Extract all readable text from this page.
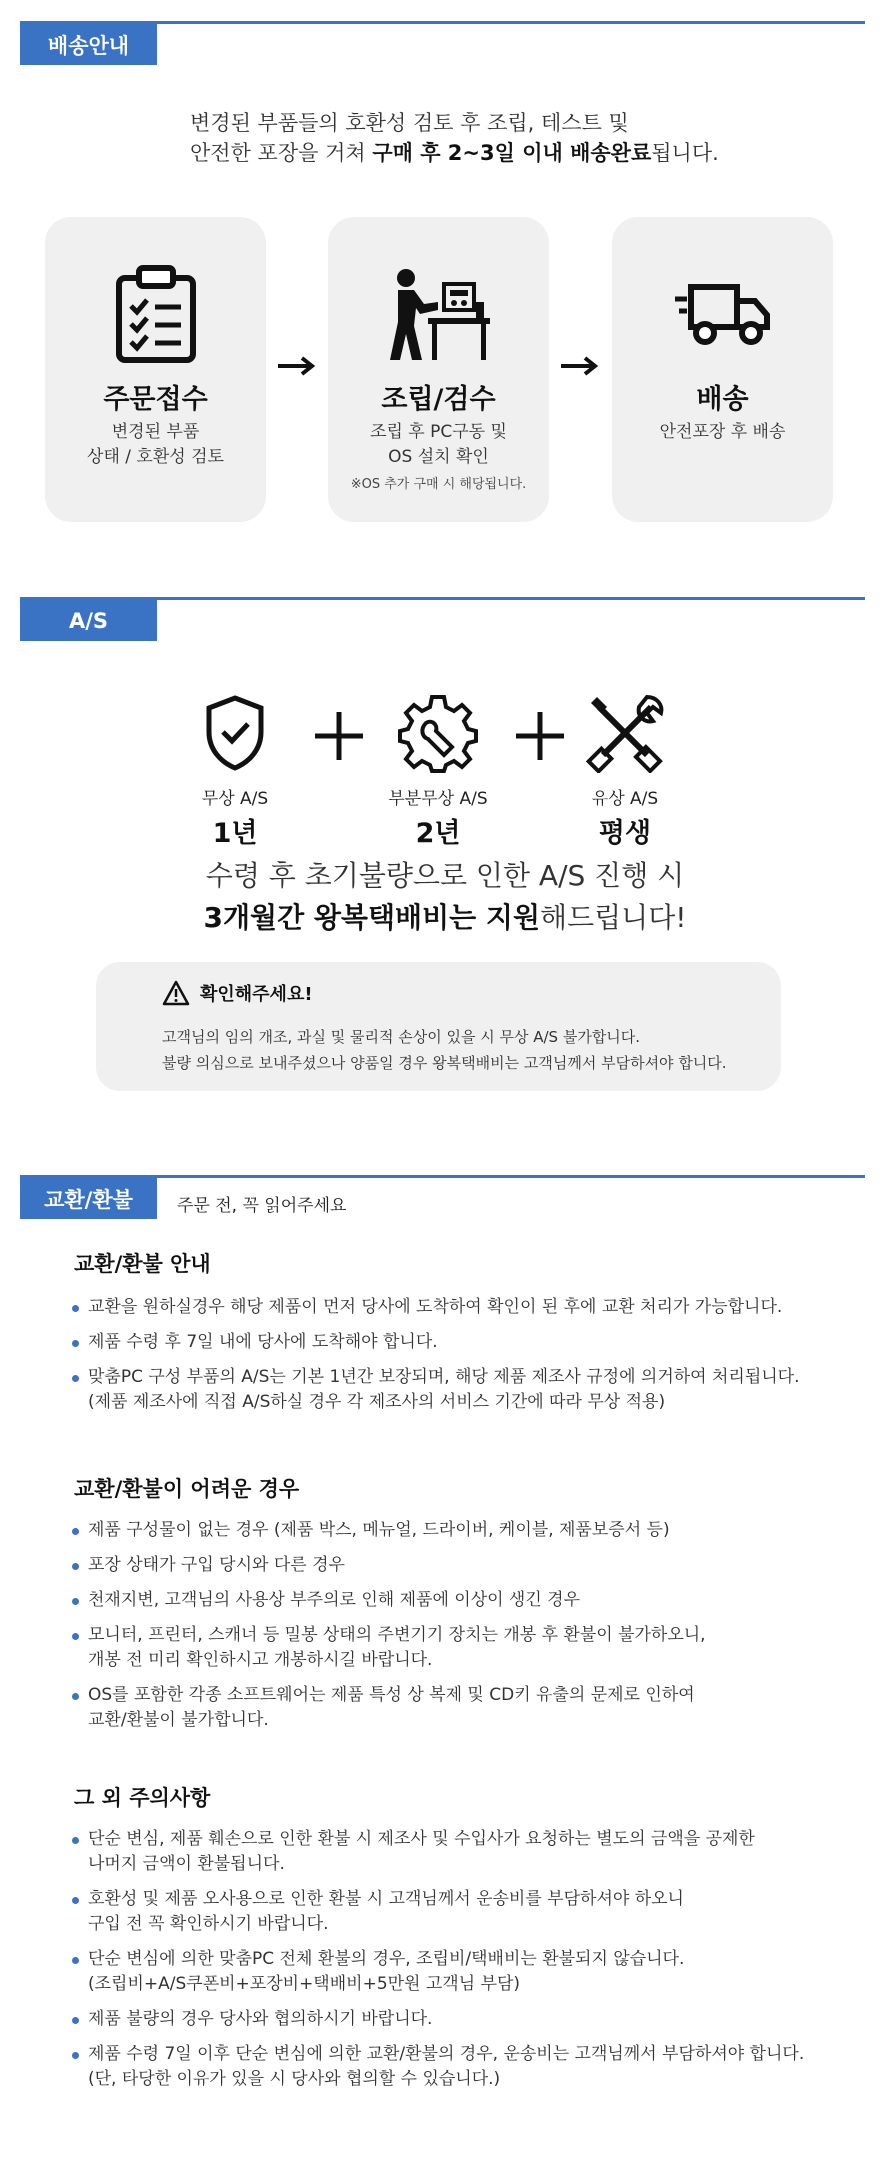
배송안내
변경된 부품들의 호환성 검토 후 조립, 테스트 및
안전한 포장을 거쳐 구매 후 2~3일 이내 배송완료됩니다.
주문접수
변경된 부품
상태 / 호환성 검토
조립/검수
조립 후 PC구동 및
OS 설치 확인
※OS 추가 구매 시 해당됩니다.
배송
안전포장 후 배송
A/S
무상 A/S
1년
부분무상 A/S
2년
유상 A/S
평생
수령 후 초기불량으로 인한 A/S 진행 시
3개월간 왕복택배비는 지원해드립니다!
확인해주세요!
고객님의 임의 개조, 과실 및 물리적 손상이 있을 시 무상 A/S 불가합니다.
불량 의심으로 보내주셨으나 양품일 경우 왕복택배비는 고객님께서 부담하셔야 합니다.
교환/환불	주문 전, 꼭 읽어주세요
교환/환불 안내
교환을 원하실경우 해당 제품이 먼저 당사에 도착하여 확인이 된 후에 교환 처리가 가능합니다.
제품 수령 후 7일 내에 당사에 도착해야 합니다.
맞춤PC 구성 부품의 A/S는 기본 1년간 보장되며, 해당 제품 제조사 규정에 의거하여 처리됩니다.
(제품 제조사에 직접 A/S하실 경우 각 제조사의 서비스 기간에 따라 무상 적용)
교환/환불이 어려운 경우
제품 구성물이 없는 경우 (제품 박스, 메뉴얼, 드라이버, 케이블, 제품보증서 등)
포장 상태가 구입 당시와 다른 경우
천재지변, 고객님의 사용상 부주의로 인해 제품에 이상이 생긴 경우
모니터, 프린터, 스캐너 등 밀봉 상태의 주변기기 장치는 개봉 후 환불이 불가하오니,
개봉 전 미리 확인하시고 개봉하시길 바랍니다.
OS를 포함한 각종 소프트웨어는 제품 특성 상 복제 및 CD키 유출의 문제로 인하여
교환/환불이 불가합니다.
그 외 주의사항
단순 변심, 제품 훼손으로 인한 환불 시 제조사 및 수입사가 요청하는 별도의 금액을 공제한
나머지 금액이 환불됩니다.
호환성 및 제품 오사용으로 인한 환불 시 고객님께서 운송비를 부담하셔야 하오니
구입 전 꼭 확인하시기 바랍니다.
단순 변심에 의한 맞춤PC 전체 환불의 경우, 조립비/택배비는 환불되지 않습니다.
(조립비+A/S쿠폰비+포장비+택배비+5만원 고객님 부담)
제품 불량의 경우 당사와 협의하시기 바랍니다.
제품 수령 7일 이후 단순 변심에 의한 교환/환불의 경우, 운송비는 고객님께서 부담하셔야 합니다.
(단, 타당한 이유가 있을 시 당사와 협의할 수 있습니다.)
